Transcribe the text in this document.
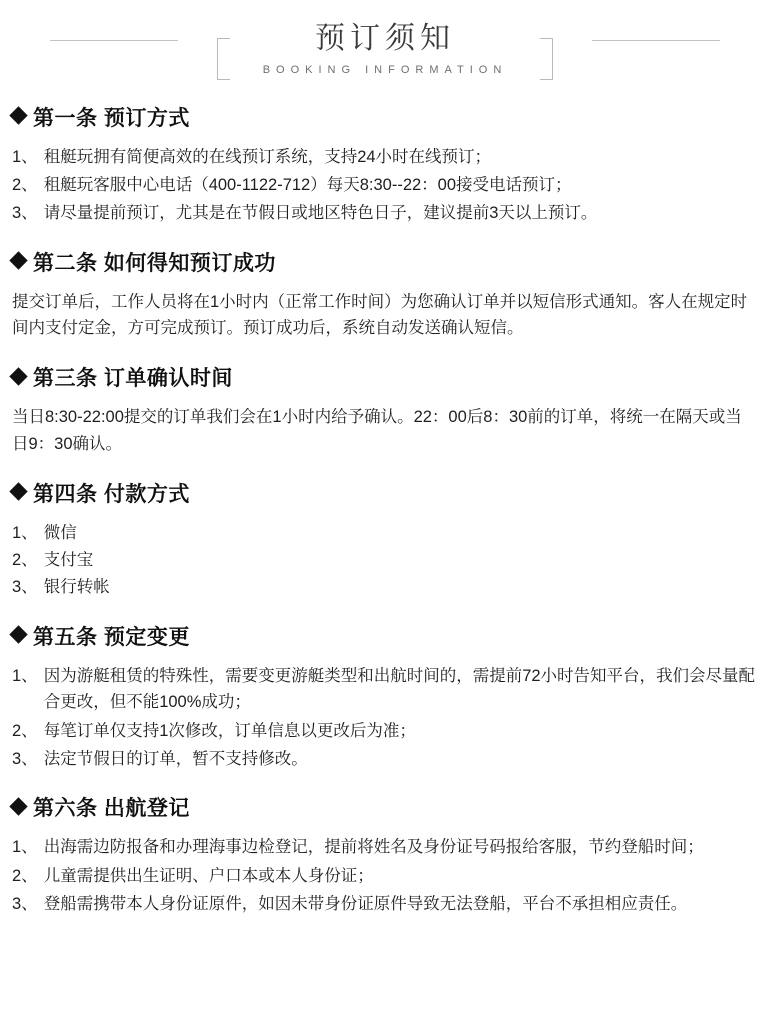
预订须知
BOOKING INFORMATION
第一条 预订方式
1、 租艇玩拥有简便高效的在线预订系统，支持24小时在线预订；
2、 租艇玩客服中心电话（400-1122-712）每天8:30--22：00接受电话预订；
3、 请尽量提前预订，尤其是在节假日或地区特色日子，建议提前3天以上预订。
第二条 如何得知预订成功

提交订单后，工作人员将在1小时内（正常工作时间）为您确认订单并以短信形式通知。客人在规定时间内支付定金，方可完成预订。预订成功后，系统自动发送确认短信。

第三条 订单确认时间

当日8:30-22:00提交的订单我们会在1小时内给予确认。22：00后8：30前的订单，将统一在隔天或当日9：30确认。

第四条 付款方式
1、 微信
2、 支付宝
3、 银行转帐
第五条 预定变更
1、 因为游艇租赁的特殊性，需要变更游艇类型和出航时间的，需提前72小时告知平台，我们会尽量配合更改，但不能100%成功；
2、 每笔订单仅支持1次修改，订单信息以更改后为准；
3、 法定节假日的订单，暂不支持修改。
第六条 出航登记
1、 出海需边防报备和办理海事边检登记，提前将姓名及身份证号码报给客服，节约登船时间；
2、 儿童需提供出生证明、户口本或本人身份证；
3、 登船需携带本人身份证原件，如因未带身份证原件导致无法登船，平台不承担相应责任。
